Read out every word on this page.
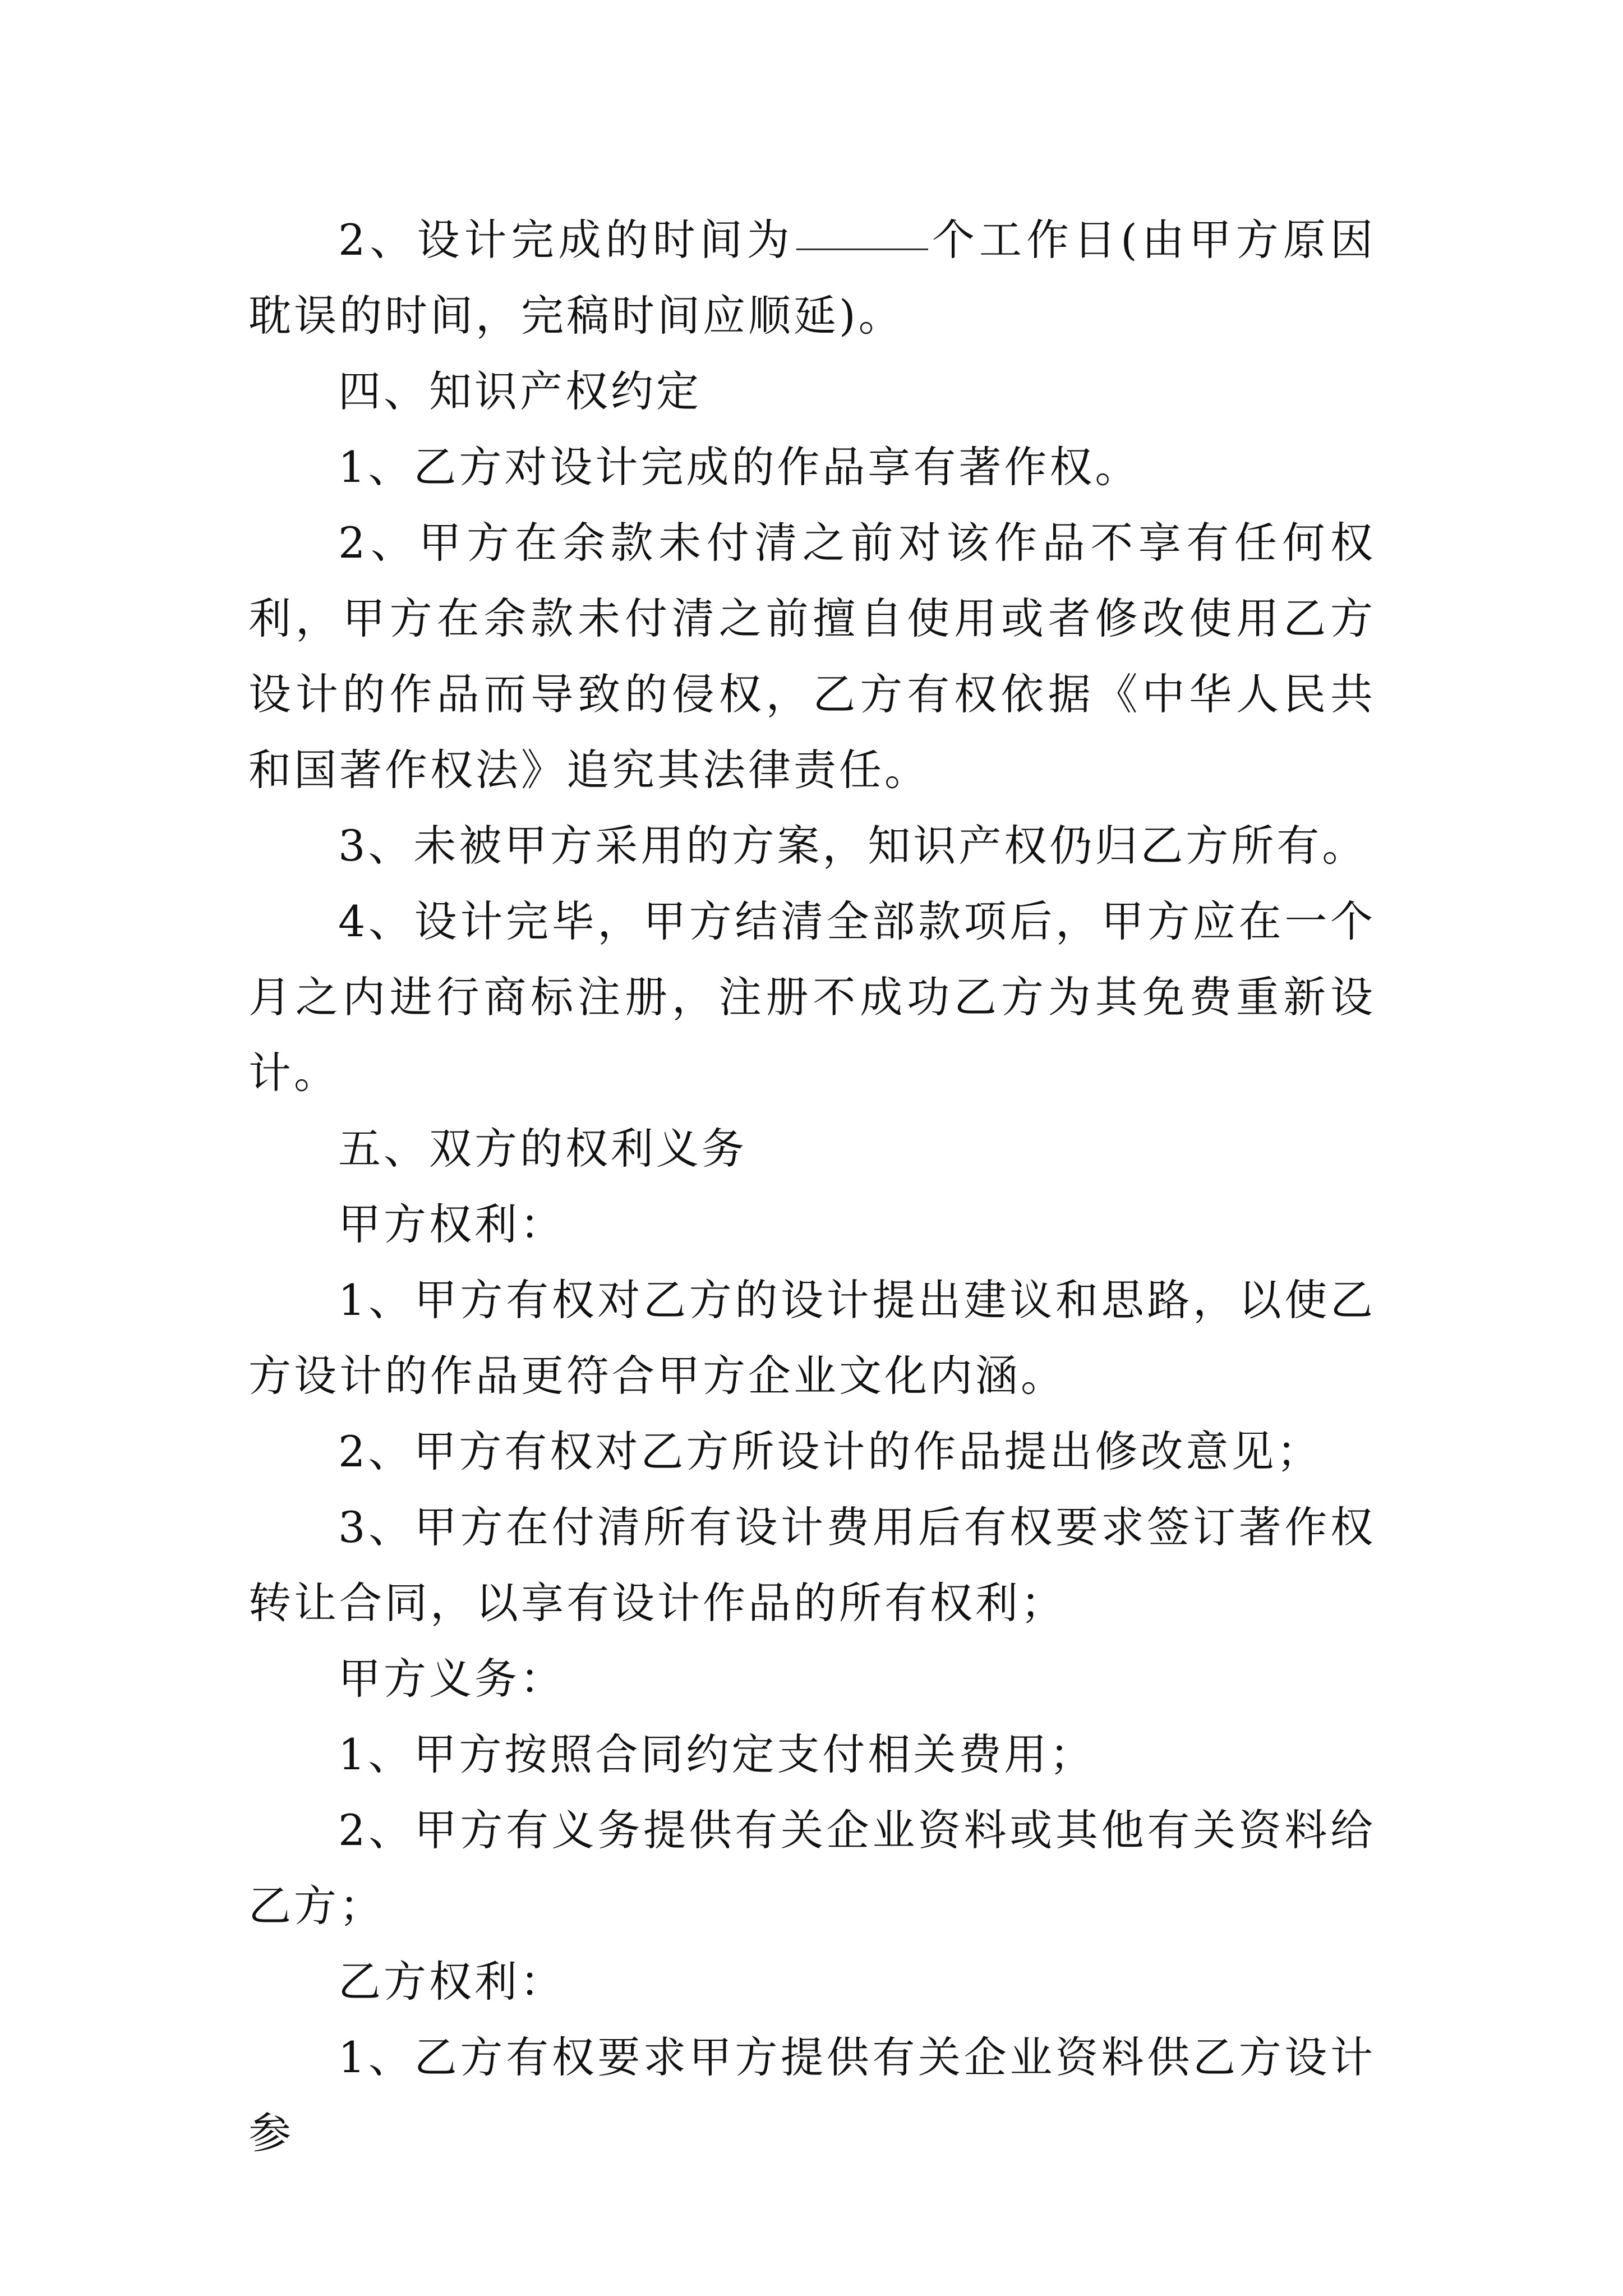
2、设计完成的时间为	个工作日(由甲方原因耽误的时间，完稿时间应顺延)。

四、知识产权约定

1、乙方对设计完成的作品享有著作权。

2、甲方在余款未付清之前对该作品不享有任何权利，甲方在余款未付清之前擅自使用或者修改使用乙方设计的作品而导致的侵权，乙方有权依据《中华人民共和国著作权法》追究其法律责任。

3、未被甲方采用的方案，知识产权仍归乙方所有。

4、设计完毕，甲方结清全部款项后，甲方应在一个月之内进行商标注册，注册不成功乙方为其免费重新设计。

五、双方的权利义务

甲方权利：

1、甲方有权对乙方的设计提出建议和思路，以使乙方设计的作品更符合甲方企业文化内涵。

2、甲方有权对乙方所设计的作品提出修改意见；

3、甲方在付清所有设计费用后有权要求签订著作权转让合同，以享有设计作品的所有权利；

甲方义务：

1、甲方按照合同约定支付相关费用；

2、甲方有义务提供有关企业资料或其他有关资料给乙方；

乙方权利：

1、乙方有权要求甲方提供有关企业资料供乙方设计参
